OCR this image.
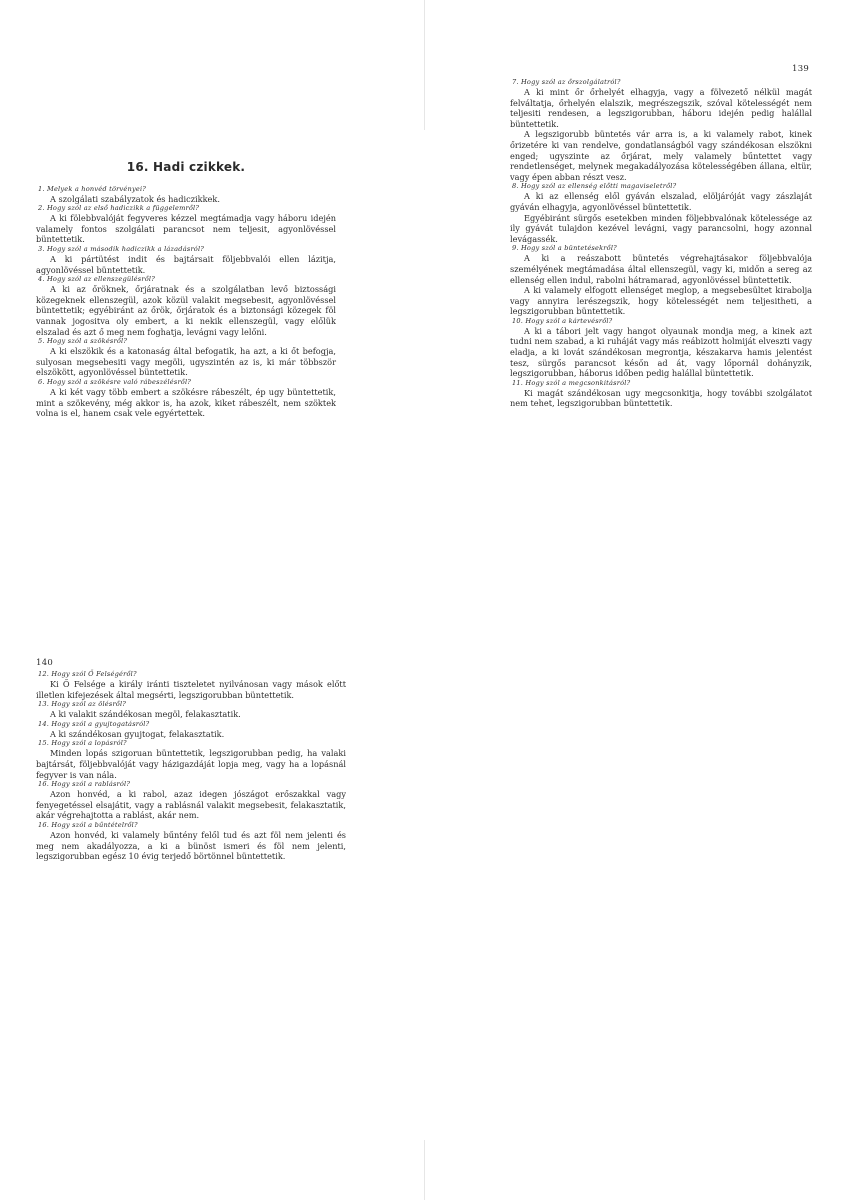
139
16. Hadi czikkek.

1. Melyek a honvéd törvényei?

A szolgálati szabályzatok és hadiczikkek.

2. Hogy szól az első hadiczikk a függelemről?

A ki fölebbvalóját fegyveres kézzel megtámadja vagy háboru idején valamely fontos szolgálati parancsot nem teljesit, agyonlövéssel büntettetik.

3. Hogy szól a második hadiczikk a lázadásról?

A ki pártütést indit és bajtársait följebbvalói ellen lázitja, agyonlövéssel büntettetik.

4. Hogy szól az ellenszegülésről?

A ki az őröknek, őrjáratnak és a szolgálatban levő biztossági közegeknek ellenszegül, azok közül valakit megsebesit, agyonlövéssel büntettetik; egyébiránt az őrök, őrjáratok és a biztonsági közegek föl vannak jogositva oly embert, a ki nekik ellenszegül, vagy előlük elszalad és azt ő meg nem foghatja, levágni vagy lelőni.

5. Hogy szól a szökésről?

A ki elszökik és a katonaság által befogatik, ha azt, a ki őt befogja, sulyosan megsebesiti vagy megöli, ugyszintén az is, ki már többször elszökött, agyonlövéssel büntettetik.

6. Hogy szól a szökésre való rábeszélésről?

A ki két vagy több embert a szökésre rábeszélt, ép ugy büntettetik, mint a szökevény, még akkor is, ha azok, kiket rábeszélt, nem szöktek volna is el, hanem csak vele egyértettek.

7. Hogy szól az őrszolgálatról?

A ki mint őr őrhelyét elhagyja, vagy a fölvezető nélkül magát felváltatja, őrhelyén elalszik, megrészegszik, szóval kötelességét nem teljesiti rendesen, a legszigorubban, háboru idején pedig halállal büntettetik.

A legszigorubb büntetés vár arra is, a ki valamely rabot, kinek őrizetére ki van rendelve, gondatlanságból vagy szándékosan elszökni enged; ugyszinte az őrjárat, mely valamely bűntettet vagy rendetlenséget, melynek megakadályozása kötelességében állana, eltür, vagy épen abban részt vesz.

8. Hogy szól az ellenség előtti magaviseletről?

A ki az ellenség elől gyáván elszalad, elöljáróját vagy zászlaját gyáván elhagyja, agyonlövéssel büntettetik.

Egyébiránt sürgős esetekben minden följebbvalónak kötelessége az ily gyávát tulajdon kezével levágni, vagy parancsolni, hogy azonnal levágassék.

9. Hogy szól a büntetésekről?

A ki a reászabott büntetés végrehajtásakor följebbvalója személyének megtámadása által ellenszegül, vagy ki, midőn a sereg az ellenség ellen indul, rabolni hátramarad, agyonlövéssel büntettetik.

A ki valamely elfogott ellenséget meglop, a megsebesültet kirabolja vagy annyira lerészegszik, hogy kötelességét nem teljesitheti, a legszigorubban büntettetik.

10. Hogy szól a kártevésről?

A ki a tábori jelt vagy hangot olyaunak mondja meg, a kinek azt tudni nem szabad, a ki ruháját vagy más reábizott holmiját elveszti vagy eladja, a ki lovát szándékosan megrontja, készakarva hamis jelentést tesz, sürgős parancsot későn ad át, vagy lőpornál dohányzik, legszigorubban, háborus időben pedig halállal büntettetik.

11. Hogy szól a megcsonkitásról?

Ki magát szándékosan ugy megcsonkitja, hogy további szolgálatot nem tehet, legszigorubban büntettetik.

140

12. Hogy szól Ő Felségéről?

Ki Ő Felsége a király iránti tiszteletet nyilvánosan vagy mások előtt illetlen kifejezések által megsérti, legszigorubban büntettetik.

13. Hogy szól az ölésről?

A ki valakit szándékosan megöl, felakasztatik.

14. Hogy szól a gyujtogatásról?

A ki szándékosan gyujtogat, felakasztatik.

15. Hogy szól a lopásról?

Minden lopás szigoruan büntettetik, legszigorubban pedig, ha valaki bajtársát, följebbvalóját vagy házigazdáját lopja meg, vagy ha a lopásnál fegyver is van nála.

16. Hogy szól a rablásról?

Azon honvéd, a ki rabol, azaz idegen jószágot erőszakkal vagy fenyegetéssel elsajátit, vagy a rablásnál valakit megsebesit, felakasztatik, akár végrehajtotta a rablást, akár nem.

16. Hogy szól a bűntételről?

Azon honvéd, ki valamely bűntény felől tud és azt föl nem jelenti és meg nem akadályozza, a ki a bünöst ismeri és föl nem jelenti, legszigorubban egész 10 évig terjedő börtönnel büntettetik.
